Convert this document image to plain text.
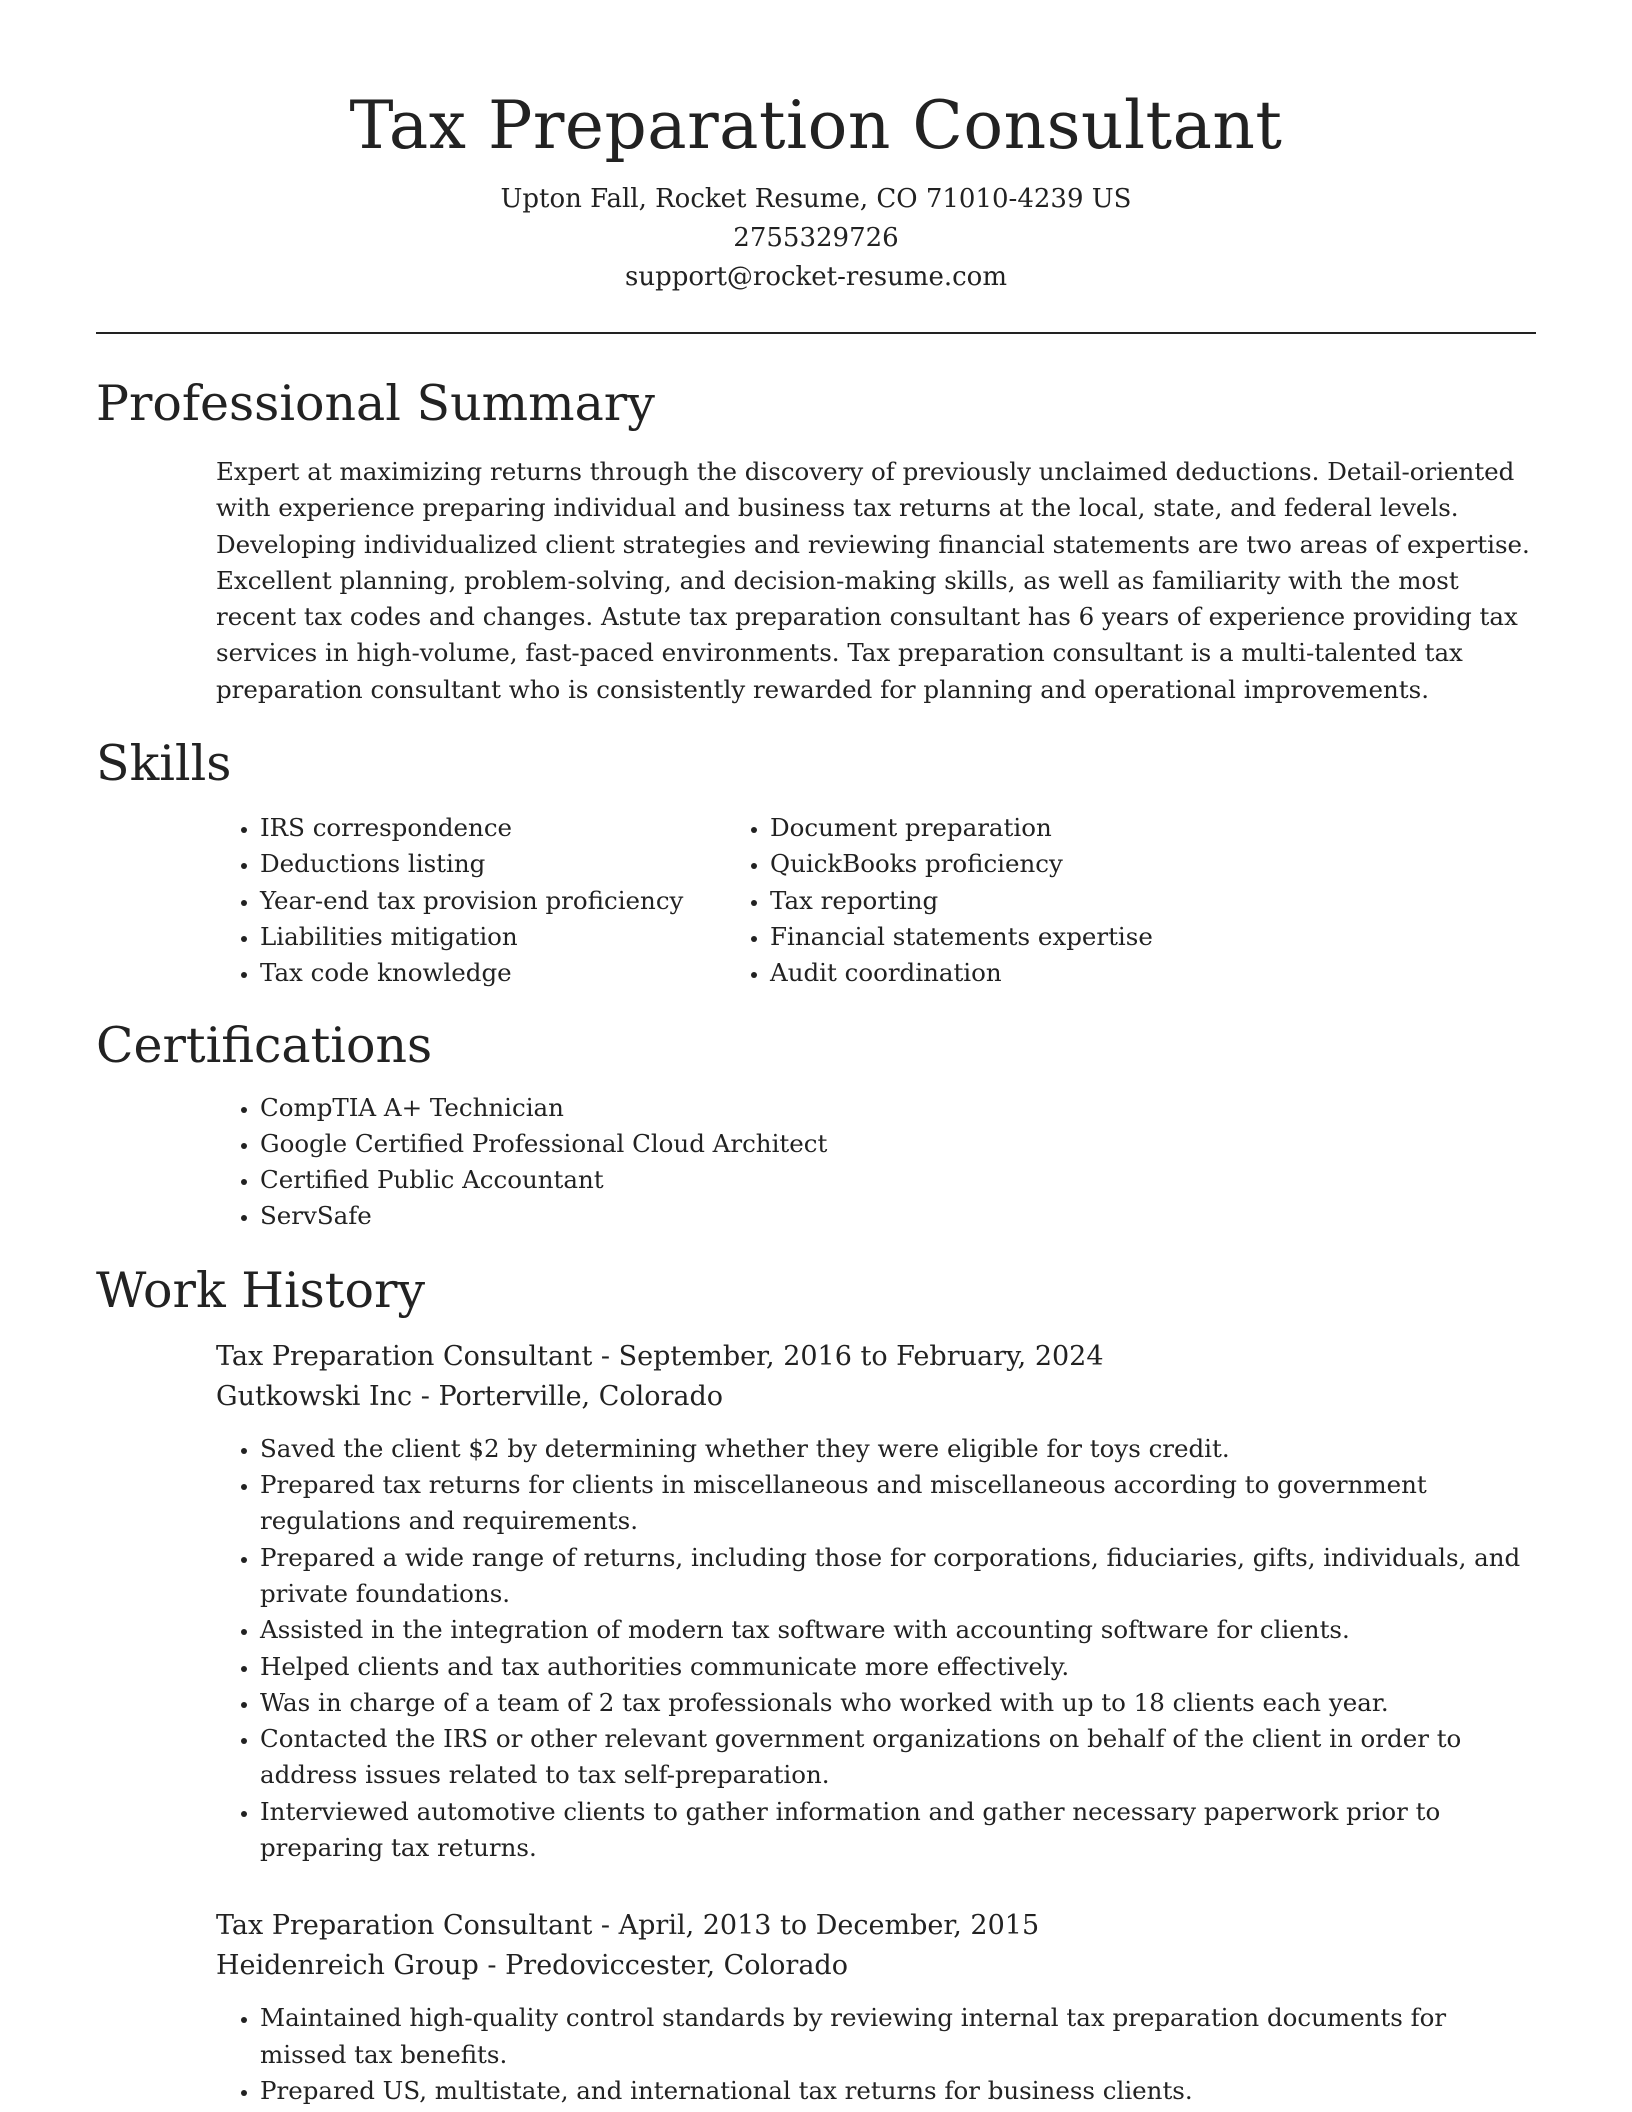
Tax Preparation Consultant
Upton Fall, Rocket Resume, CO 71010-4239 US
2755329726
support@rocket-resume.com
Professional Summary

Expert at maximizing returns through the discovery of previously unclaimed deductions. Detail-oriented with experience preparing individual and business tax returns at the local, state, and federal levels. Developing individualized client strategies and reviewing financial statements are two areas of expertise. Excellent planning, problem-solving, and decision-making skills, as well as familiarity with the most recent tax codes and changes. Astute tax preparation consultant has 6 years of experience providing tax services in high-volume, fast-paced environments. Tax preparation consultant is a multi-talented tax preparation consultant who is consistently rewarded for planning and operational improvements.

Skills
• IRS correspondence
• Deductions listing
• Year-end tax provision proficiency
• Liabilities mitigation
• Tax code knowledge
• Document preparation
• QuickBooks proficiency
• Tax reporting
• Financial statements expertise
• Audit coordination
Certifications
• CompTIA A+ Technician
• Google Certified Professional Cloud Architect
• Certified Public Accountant
• ServSafe
Work History
Tax Preparation Consultant - September, 2016 to February, 2024
Gutkowski Inc - Porterville, Colorado
• Saved the client $2 by determining whether they were eligible for toys credit.
• Prepared tax returns for clients in miscellaneous and miscellaneous according to government regulations and requirements.
• Prepared a wide range of returns, including those for corporations, fiduciaries, gifts, individuals, and private foundations.
• Assisted in the integration of modern tax software with accounting software for clients.
• Helped clients and tax authorities communicate more effectively.
• Was in charge of a team of 2 tax professionals who worked with up to 18 clients each year.
• Contacted the IRS or other relevant government organizations on behalf of the client in order to address issues related to tax self-preparation.
• Interviewed automotive clients to gather information and gather necessary paperwork prior to preparing tax returns.
Tax Preparation Consultant - April, 2013 to December, 2015
Heidenreich Group - Predoviccester, Colorado
• Maintained high-quality control standards by reviewing internal tax preparation documents for missed tax benefits.
• Prepared US, multistate, and international tax returns for business clients.
